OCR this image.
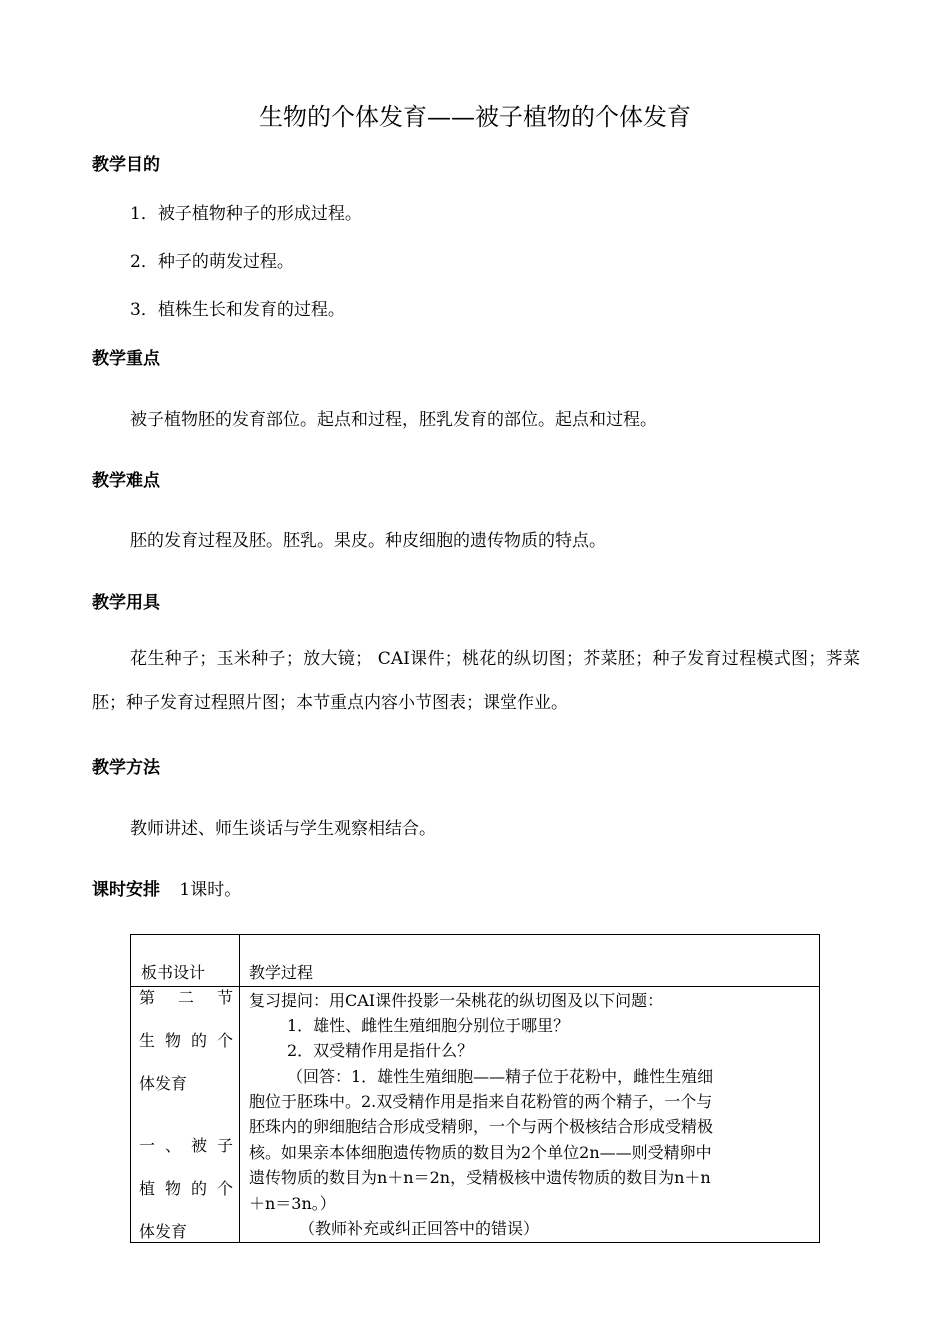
生物的个体发育——被子植物的个体发育
教学目的
1．被子植物种子的形成过程。
2．种子的萌发过程。
3．植株生长和发育的过程。
教学重点
被子植物胚的发育部位。起点和过程，胚乳发育的部位。起点和过程。
教学难点
胚的发育过程及胚。胚乳。果皮。种皮细胞的遗传物质的特点。
教学用具
花生种子；玉米种子；放大镜； CAI课件；桃花的纵切图；芥菜胚；种子发育过程模式图；荠菜胚；种子发育过程照片图；本节重点内容小节图表；课堂作业。
教学方法
教师讲述、师生谈话与学生观察相结合。
课时安排 1课时。
板书设计	教学过程
第 二 节
生物的个
体发育
一、被子
植物的个
体发育
复习提问：用CAI课件投影一朵桃花的纵切图及以下问题：
1．雄性、雌性生殖细胞分别位于哪里？
2．双受精作用是指什么？
（回答：1．雄性生殖细胞——精子位于花粉中，雌性生殖细
胞位于胚珠中。2.双受精作用是指来自花粉管的两个精子，一个与
胚珠内的卵细胞结合形成受精卵，一个与两个极核结合形成受精极
核。如果亲本体细胞遗传物质的数目为2个单位2n——则受精卵中
遗传物质的数目为n＋n＝2n，受精极核中遗传物质的数目为n＋n
＋n＝3n。）
（教师补充或纠正回答中的错误）
